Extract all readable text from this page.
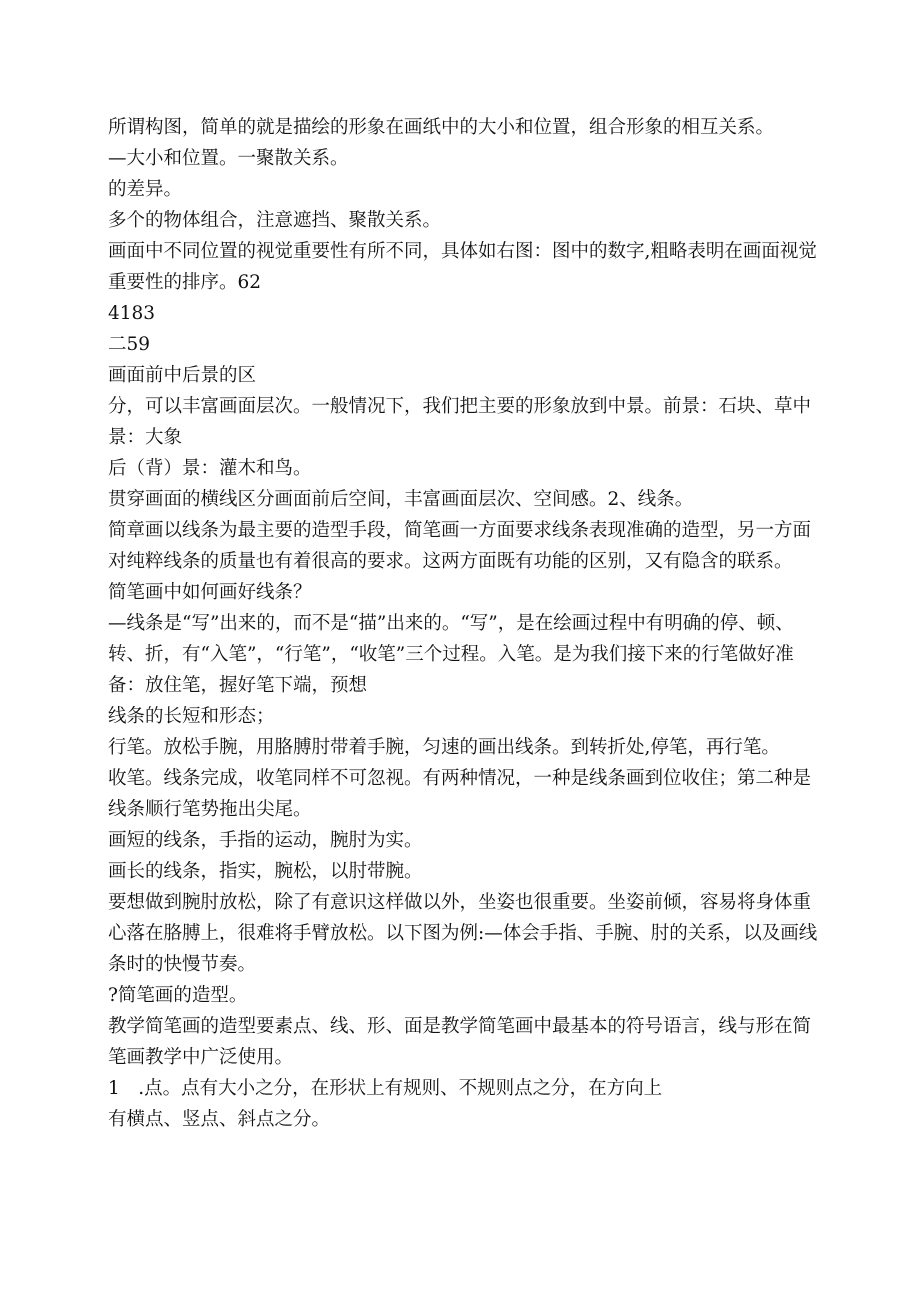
所谓构图，简单的就是描绘的形象在画纸中的大小和位置，组合形象的相互关系。

—大小和位置。一聚散关系。

的差异。

多个的物体组合，注意遮挡、聚散关系。

画面中不同位置的视觉重要性有所不同，具体如右图：图中的数字,粗略表明在画面视觉重要性的排序。62

4183

二59

画面前中后景的区

分，可以丰富画面层次。一般情况下，我们把主要的形象放到中景。前景：石块、草中景：大象

后（背）景：灌木和鸟。

贯穿画面的横线区分画面前后空间，丰富画面层次、空间感。2、线条。

简章画以线条为最主要的造型手段，简笔画一方面要求线条表现准确的造型，另一方面对纯粹线条的质量也有着很高的要求。这两方面既有功能的区别，又有隐含的联系。

简笔画中如何画好线条？

—线条是“写”出来的，而不是“描”出来的。“写”，是在绘画过程中有明确的停、顿、转、折，有“入笔”，“行笔”，“收笔”三个过程。入笔。是为我们接下来的行笔做好准备：放住笔，握好笔下端，预想

线条的长短和形态；

行笔。放松手腕，用胳膊肘带着手腕，匀速的画出线条。到转折处,停笔，再行笔。

收笔。线条完成，收笔同样不可忽视。有两种情况，一种是线条画到位收住；第二种是线条顺行笔势拖出尖尾。

画短的线条，手指的运动，腕肘为实。

画长的线条，指实，腕松，以肘带腕。

要想做到腕肘放松，除了有意识这样做以外，坐姿也很重要。坐姿前倾，容易将身体重心落在胳膊上，很难将手臂放松。以下图为例:—体会手指、手腕、肘的关系，以及画线条时的快慢节奏。

?简笔画的造型。

教学简笔画的造型要素点、线、形、面是教学简笔画中最基本的符号语言，线与形在简笔画教学中广泛使用。

1　.点。点有大小之分，在形状上有规则、不规则点之分，在方向上

有横点、竖点、斜点之分。
